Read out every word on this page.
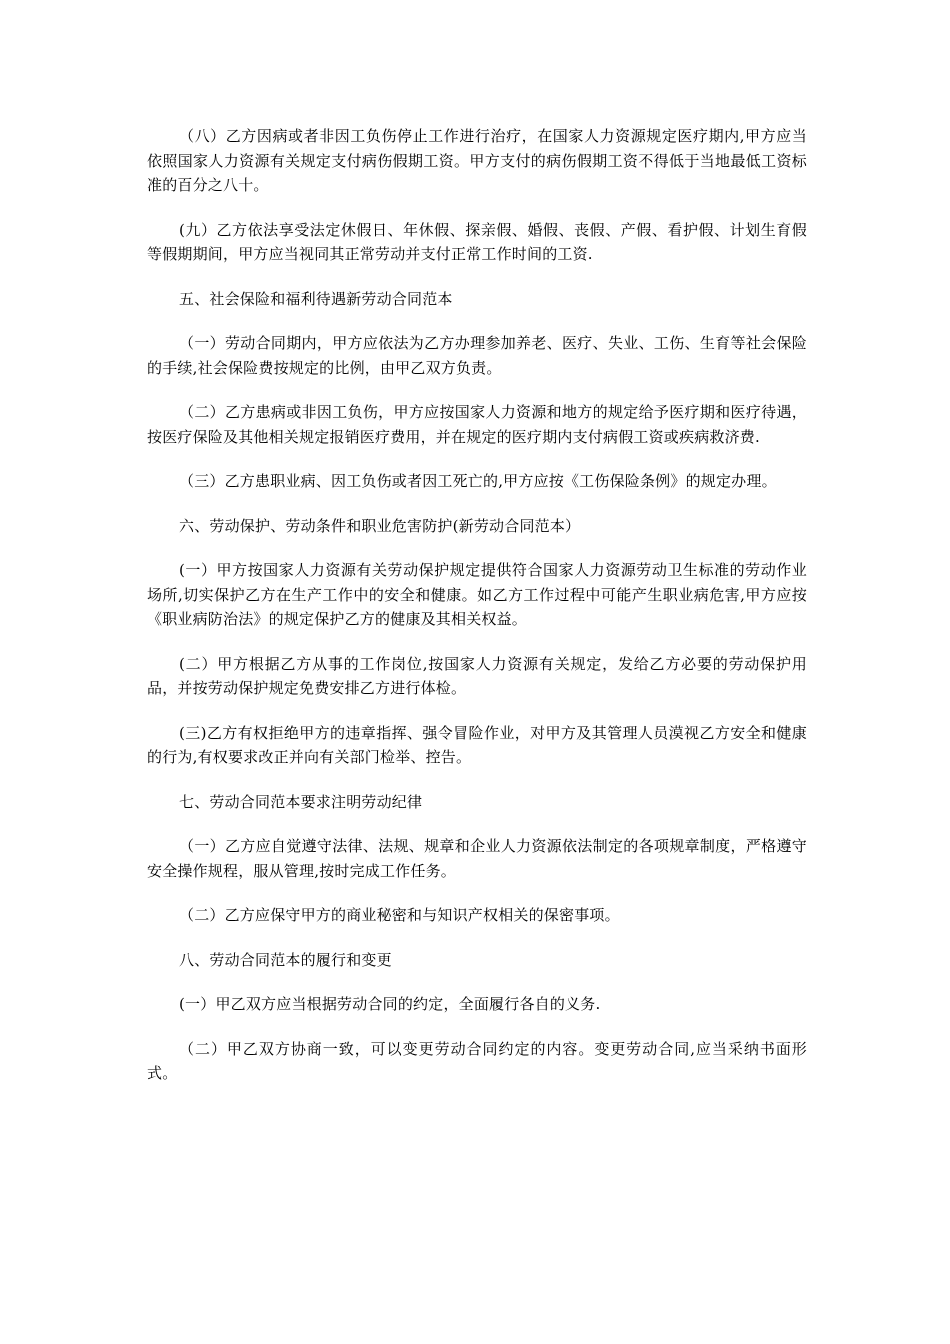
（八）乙方因病或者非因工负伤停止工作进行治疗，在国家人力资源规定医疗期内,甲方应当依照国家人力资源有关规定支付病伤假期工资。甲方支付的病伤假期工资不得低于当地最低工资标准的百分之八十。

(九）乙方依法享受法定休假日、年休假、探亲假、婚假、丧假、产假、看护假、计划生育假等假期期间，甲方应当视同其正常劳动并支付正常工作时间的工资.

五、社会保险和福利待遇新劳动合同范本

（一）劳动合同期内，甲方应依法为乙方办理参加养老、医疗、失业、工伤、生育等社会保险的手续,社会保险费按规定的比例，由甲乙双方负责。

（二）乙方患病或非因工负伤，甲方应按国家人力资源和地方的规定给予医疗期和医疗待遇，按医疗保险及其他相关规定报销医疗费用，并在规定的医疗期内支付病假工资或疾病救济费.

（三）乙方患职业病、因工负伤或者因工死亡的,甲方应按《工伤保险条例》的规定办理。

六、劳动保护、劳动条件和职业危害防护(新劳动合同范本）

(一）甲方按国家人力资源有关劳动保护规定提供符合国家人力资源劳动卫生标准的劳动作业场所,切实保护乙方在生产工作中的安全和健康。如乙方工作过程中可能产生职业病危害,甲方应按《职业病防治法》的规定保护乙方的健康及其相关权益。

(二）甲方根据乙方从事的工作岗位,按国家人力资源有关规定，发给乙方必要的劳动保护用品，并按劳动保护规定免费安排乙方进行体检。

(三)乙方有权拒绝甲方的违章指挥、强令冒险作业，对甲方及其管理人员漠视乙方安全和健康的行为,有权要求改正并向有关部门检举、控告。

七、劳动合同范本要求注明劳动纪律

（一）乙方应自觉遵守法律、法规、规章和企业人力资源依法制定的各项规章制度，严格遵守安全操作规程，服从管理,按时完成工作任务。

（二）乙方应保守甲方的商业秘密和与知识产权相关的保密事项。

八、劳动合同范本的履行和变更

(一）甲乙双方应当根据劳动合同的约定，全面履行各自的义务.

（二）甲乙双方协商一致，可以变更劳动合同约定的内容。变更劳动合同,应当采纳书面形式。
